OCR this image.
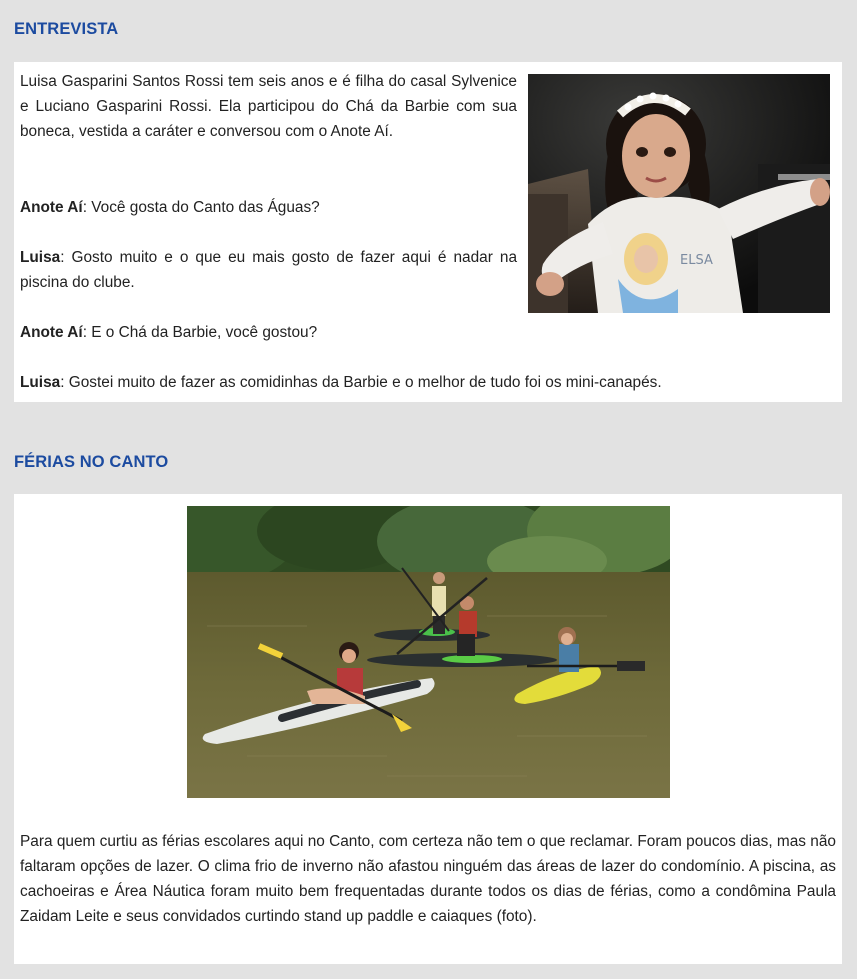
ENTREVISTA
ELSA

Luisa Gasparini Santos Rossi tem seis anos e é filha do casal Sylvenice e Luciano Gasparini Rossi. Ela participou do Chá da Barbie com sua boneca, vestida a caráter e conversou com o Anote Aí.

Anote Aí: Você gosta do Canto das Águas?

Luisa: Gosto muito e o que eu mais gosto de fazer aqui é nadar na piscina do clube.

Anote Aí: E o Chá da Barbie, você gostou?

Luisa: Gostei muito de fazer as comidinhas da Barbie e o melhor de tudo foi os mini-canapés.

FÉRIAS NO CANTO

Para quem curtiu as férias escolares aqui no Canto, com certeza não tem o que reclamar. Foram poucos dias, mas não faltaram opções de lazer. O clima frio de inverno não afastou ninguém das áreas de lazer do condomínio. A piscina, as cachoeiras e Área Náutica foram muito bem frequentadas durante todos os dias de férias, como a condômina Paula Zaidam Leite e seus convidados curtindo stand up paddle e caiaques (foto).
